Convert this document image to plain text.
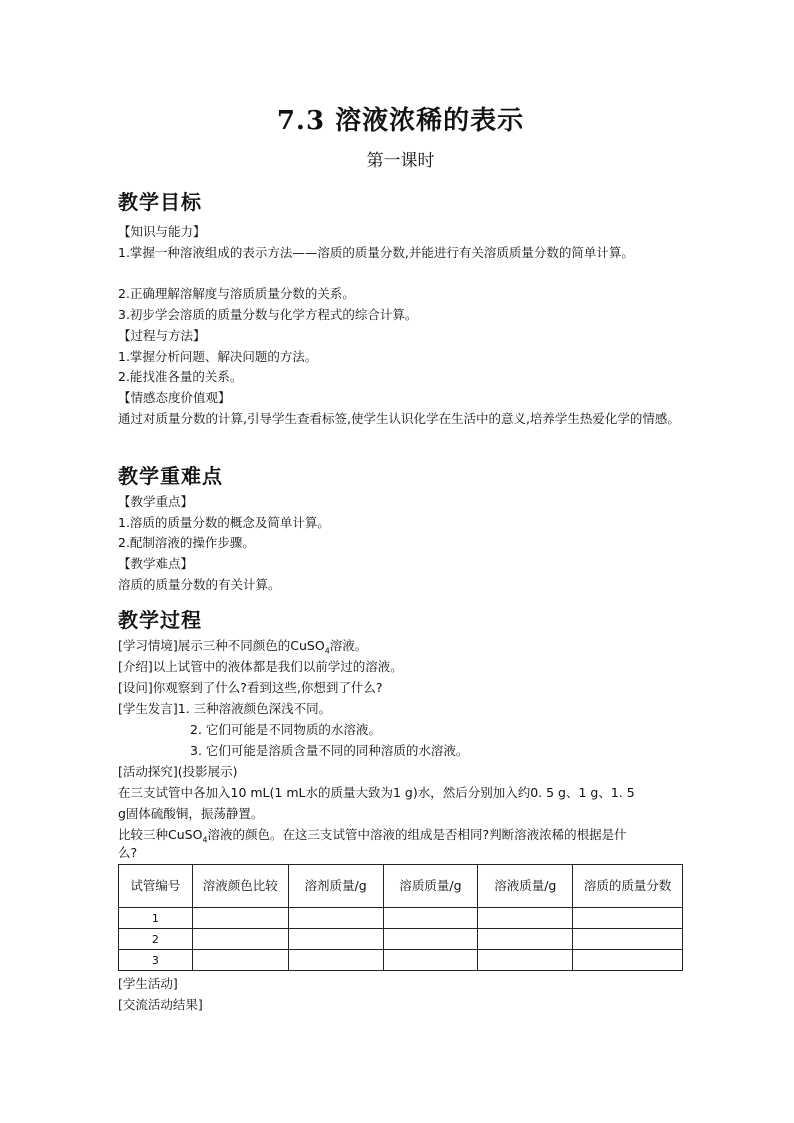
7.3 溶液浓稀的表示
第一课时
教学目标
【知识与能力】
1.掌握一种溶液组成的表示方法——溶质的质量分数,并能进行有关溶质质量分数的简单计算。
2.正确理解溶解度与溶质质量分数的关系。
3.初步学会溶质的质量分数与化学方程式的综合计算。
【过程与方法】
1.掌握分析问题、解决问题的方法。
2.能找准各量的关系。
【情感态度价值观】
通过对质量分数的计算,引导学生查看标签,使学生认识化学在生活中的意义,培养学生热爱化学的情感。
教学重难点
【教学重点】
1.溶质的质量分数的概念及简单计算。
2.配制溶液的操作步骤。
【教学难点】
溶质的质量分数的有关计算。
教学过程
[学习情境]展示三种不同颜色的CuSO$_4$溶液。
[介绍]以上试管中的液体都是我们以前学过的溶液。
[设问]你观察到了什么?看到这些,你想到了什么?
[学生发言]1. 三种溶液颜色深浅不同。
2. 它们可能是不同物质的水溶液。
3. 它们可能是溶质含量不同的同种溶质的水溶液。
[活动探究](投影展示)
在三支试管中各加入10 mL(1 mL水的质量大致为1 g)水，然后分别加入约0. 5 g、1 g、1. 5
g固体硫酸铜，振荡静置。
比较三种CuSO$_4$溶液的颜色。在这三支试管中溶液的组成是否相同?判断溶液浓稀的根据是什
么?
试管编号	溶液颜色比较	溶剂质量/g	溶质质量/g	溶液质量/g	溶质的质量分数
1					
2					
3					
[学生活动]
[交流活动结果]
